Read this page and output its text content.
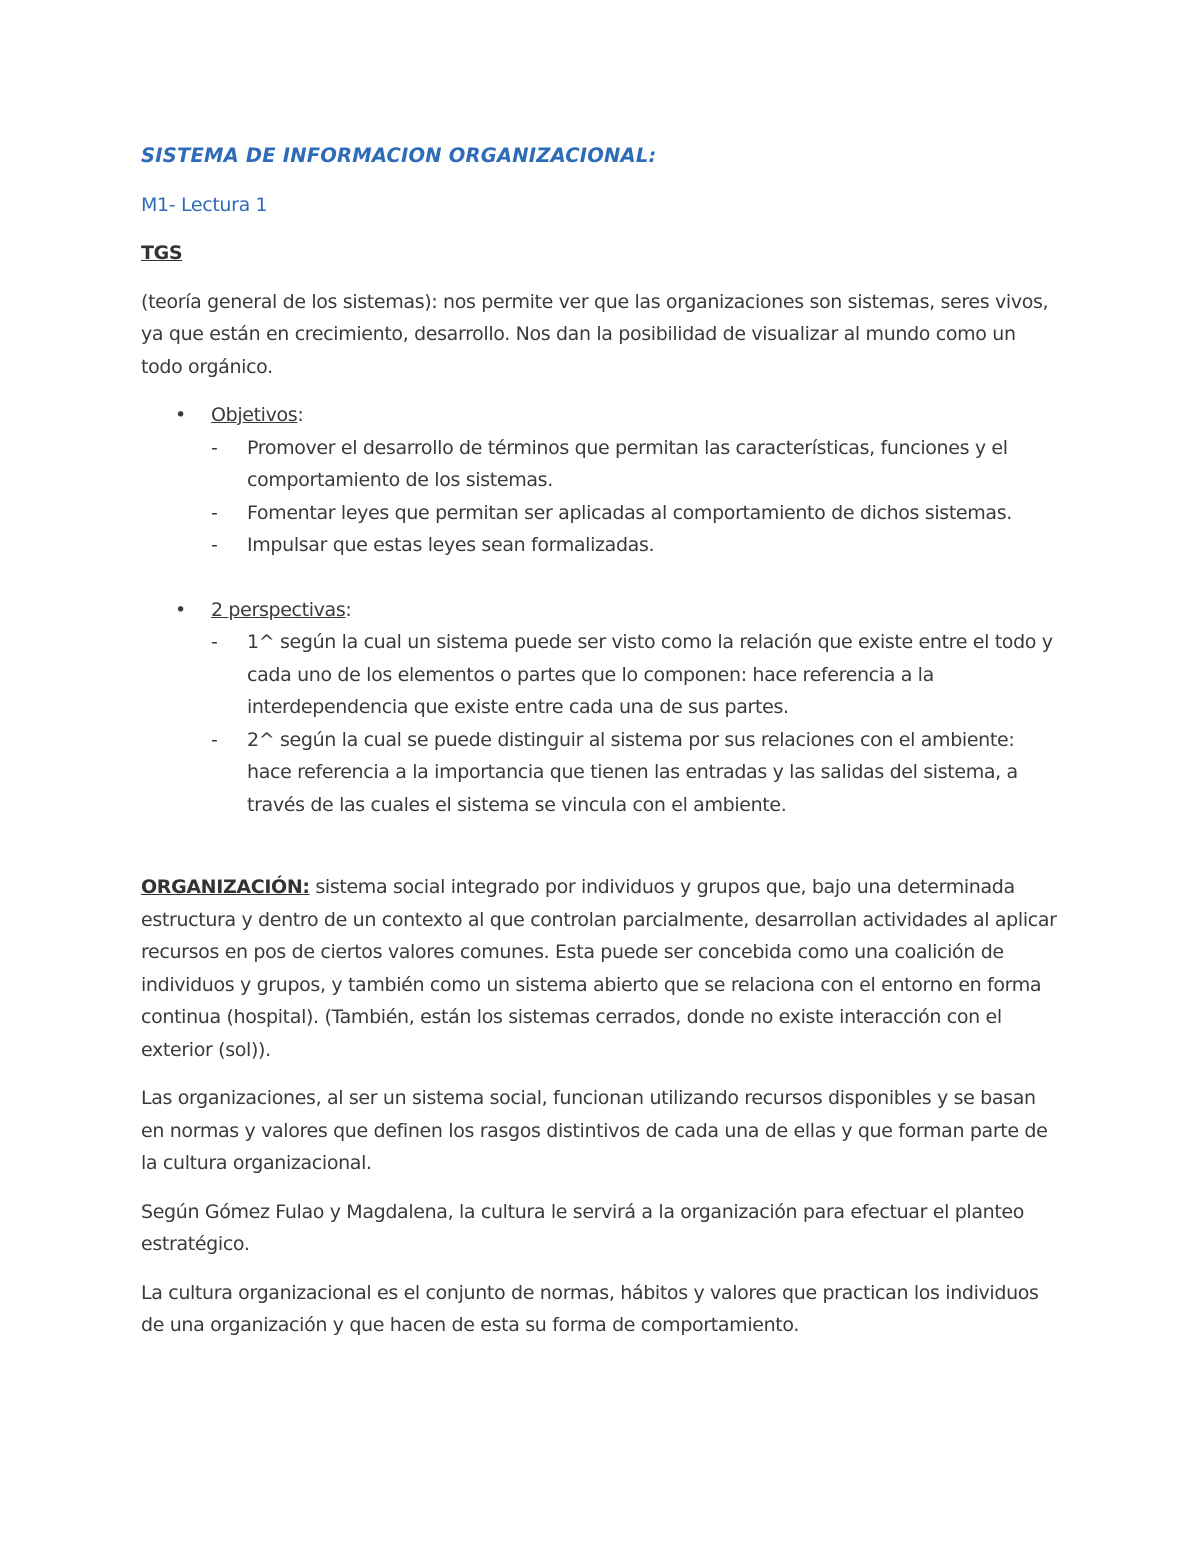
SISTEMA DE INFORMACION ORGANIZACIONAL:
M1- Lectura 1
TGS

(teoría general de los sistemas): nos permite ver que las organizaciones son sistemas, seres vivos, ya que están en crecimiento, desarrollo. Nos dan la posibilidad de visualizar al mundo como un todo orgánico.

• Objetivos:
- Promover el desarrollo de términos que permitan las características, funciones y el comportamiento de los sistemas.
- Fomentar leyes que permitan ser aplicadas al comportamiento de dichos sistemas.
- Impulsar que estas leyes sean formalizadas.
• 2 perspectivas:
- 1^ según la cual un sistema puede ser visto como la relación que existe entre el todo y cada uno de los elementos o partes que lo componen: hace referencia a la interdependencia que existe entre cada una de sus partes.
- 2^ según la cual se puede distinguir al sistema por sus relaciones con el ambiente: hace referencia a la importancia que tienen las entradas y las salidas del sistema, a través de las cuales el sistema se vincula con el ambiente.

ORGANIZACIÓN: sistema social integrado por individuos y grupos que, bajo una determinada estructura y dentro de un contexto al que controlan parcialmente, desarrollan actividades al aplicar recursos en pos de ciertos valores comunes. Esta puede ser concebida como una coalición de individuos y grupos, y también como un sistema abierto que se relaciona con el entorno en forma continua (hospital). (También, están los sistemas cerrados, donde no existe interacción con el exterior (sol)).

Las organizaciones, al ser un sistema social, funcionan utilizando recursos disponibles y se basan en normas y valores que definen los rasgos distintivos de cada una de ellas y que forman parte de la cultura organizacional.

Según Gómez Fulao y Magdalena, la cultura le servirá a la organización para efectuar el planteo estratégico.

La cultura organizacional es el conjunto de normas, hábitos y valores que practican los individuos de una organización y que hacen de esta su forma de comportamiento.
